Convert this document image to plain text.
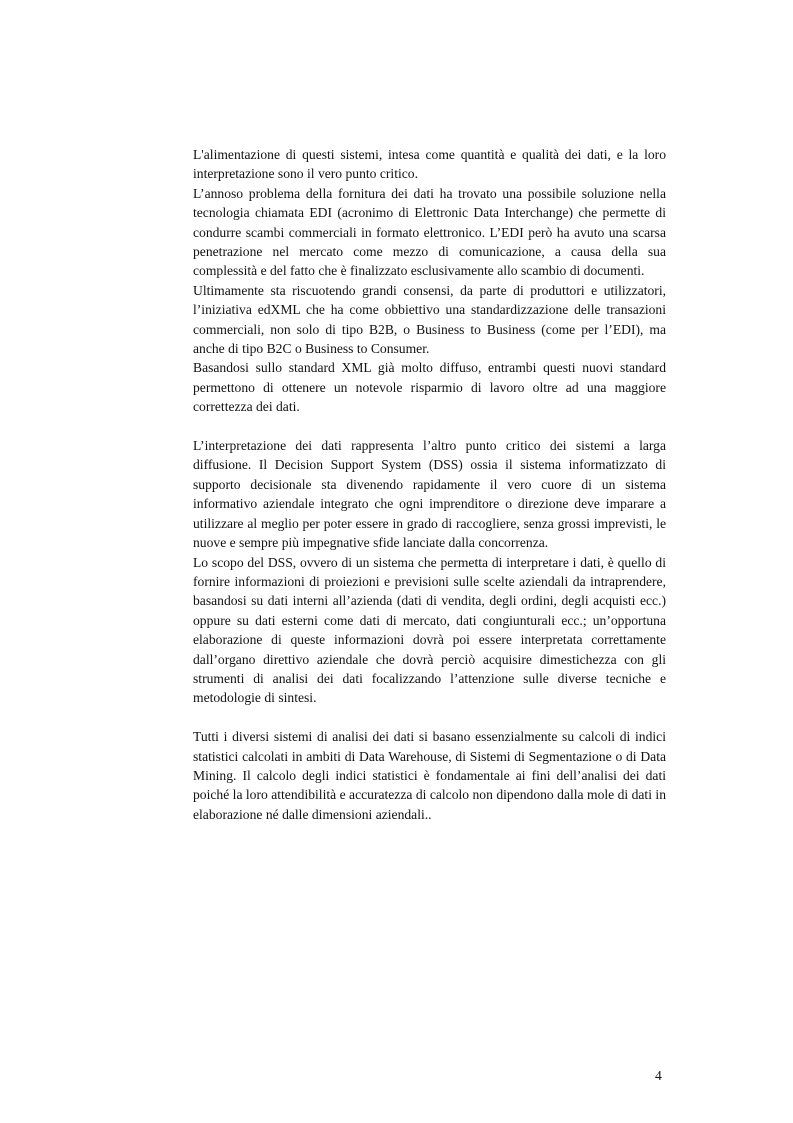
L'alimentazione di questi sistemi, intesa come quantità e qualità dei dati, e la loro interpretazione sono il vero punto critico.

L’annoso problema della fornitura dei dati ha trovato una possibile soluzione nella tecnologia chiamata EDI (acronimo di Elettronic Data Interchange) che permette di condurre scambi commerciali in formato elettronico. L’EDI però ha avuto una scarsa penetrazione nel mercato come mezzo di comunicazione, a causa della sua complessità e del fatto che è finalizzato esclusivamente allo scambio di documenti.

Ultimamente sta riscuotendo grandi consensi, da parte di produttori e utilizzatori, l’iniziativa edXML che ha come obbiettivo una standardizzazione delle transazioni commerciali, non solo di tipo B2B, o Business to Business (come per l’EDI), ma anche di tipo B2C o Business to Consumer.

Basandosi sullo standard XML già molto diffuso, entrambi questi nuovi standard permettono di ottenere un notevole risparmio di lavoro oltre ad una maggiore correttezza dei dati.

L’interpretazione dei dati rappresenta l’altro punto critico dei sistemi a larga diffusione. Il Decision Support System (DSS) ossia il sistema informatizzato di supporto decisionale sta divenendo rapidamente il vero cuore di un sistema informativo aziendale integrato che ogni imprenditore o direzione deve imparare a utilizzare al meglio per poter essere in grado di raccogliere, senza grossi imprevisti, le nuove e sempre più impegnative sfide lanciate dalla concorrenza.

Lo scopo del DSS, ovvero di un sistema che permetta di interpretare i dati, è quello di fornire informazioni di proiezioni e previsioni sulle scelte aziendali da intraprendere, basandosi su dati interni all’azienda (dati di vendita, degli ordini, degli acquisti ecc.) oppure su dati esterni come dati di mercato, dati congiunturali ecc.; un’opportuna elaborazione di queste informazioni dovrà poi essere interpretata correttamente dall’organo direttivo aziendale che dovrà perciò acquisire dimestichezza con gli strumenti di analisi dei dati focalizzando l’attenzione sulle diverse tecniche e metodologie di sintesi.

Tutti i diversi sistemi di analisi dei dati si basano essenzialmente su calcoli di indici statistici calcolati in ambiti di Data Warehouse, di Sistemi di Segmentazione o di Data Mining. Il calcolo degli indici statistici è fondamentale ai fini dell’analisi dei dati poiché la loro attendibilità e accuratezza di calcolo non dipendono dalla mole di dati in elaborazione né dalle dimensioni aziendali..

4
